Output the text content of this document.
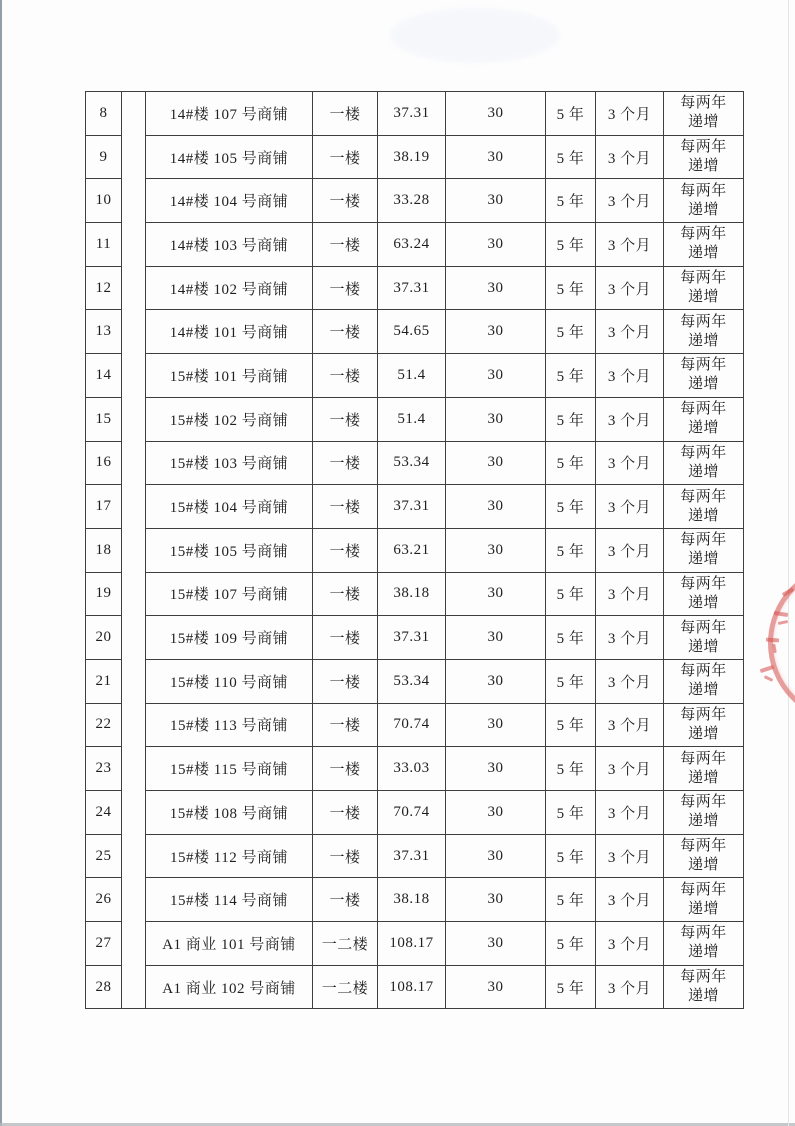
8		14#楼 107 号商铺	一楼	37.31	30	5 年	3 个月	每两年
递增

9		14#楼 105 号商铺	一楼	38.19	30	5 年	3 个月	每两年
递增

10		14#楼 104 号商铺	一楼	33.28	30	5 年	3 个月	每两年
递增

11		14#楼 103 号商铺	一楼	63.24	30	5 年	3 个月	每两年
递增

12		14#楼 102 号商铺	一楼	37.31	30	5 年	3 个月	每两年
递增

13		14#楼 101 号商铺	一楼	54.65	30	5 年	3 个月	每两年
递增

14		15#楼 101 号商铺	一楼	51.4	30	5 年	3 个月	每两年
递增

15		15#楼 102 号商铺	一楼	51.4	30	5 年	3 个月	每两年
递增

16		15#楼 103 号商铺	一楼	53.34	30	5 年	3 个月	每两年
递增

17		15#楼 104 号商铺	一楼	37.31	30	5 年	3 个月	每两年
递增

18		15#楼 105 号商铺	一楼	63.21	30	5 年	3 个月	每两年
递增

19		15#楼 107 号商铺	一楼	38.18	30	5 年	3 个月	每两年
递增

20		15#楼 109 号商铺	一楼	37.31	30	5 年	3 个月	每两年
递增

21		15#楼 110 号商铺	一楼	53.34	30	5 年	3 个月	每两年
递增

22		15#楼 113 号商铺	一楼	70.74	30	5 年	3 个月	每两年
递增

23		15#楼 115 号商铺	一楼	33.03	30	5 年	3 个月	每两年
递增

24		15#楼 108 号商铺	一楼	70.74	30	5 年	3 个月	每两年
递增

25		15#楼 112 号商铺	一楼	37.31	30	5 年	3 个月	每两年
递增

26		15#楼 114 号商铺	一楼	38.18	30	5 年	3 个月	每两年
递增

27		A1 商业 101 号商铺	一二楼	108.17	30	5 年	3 个月	每两年
递增

28		A1 商业 102 号商铺	一二楼	108.17	30	5 年	3 个月	每两年
递增
